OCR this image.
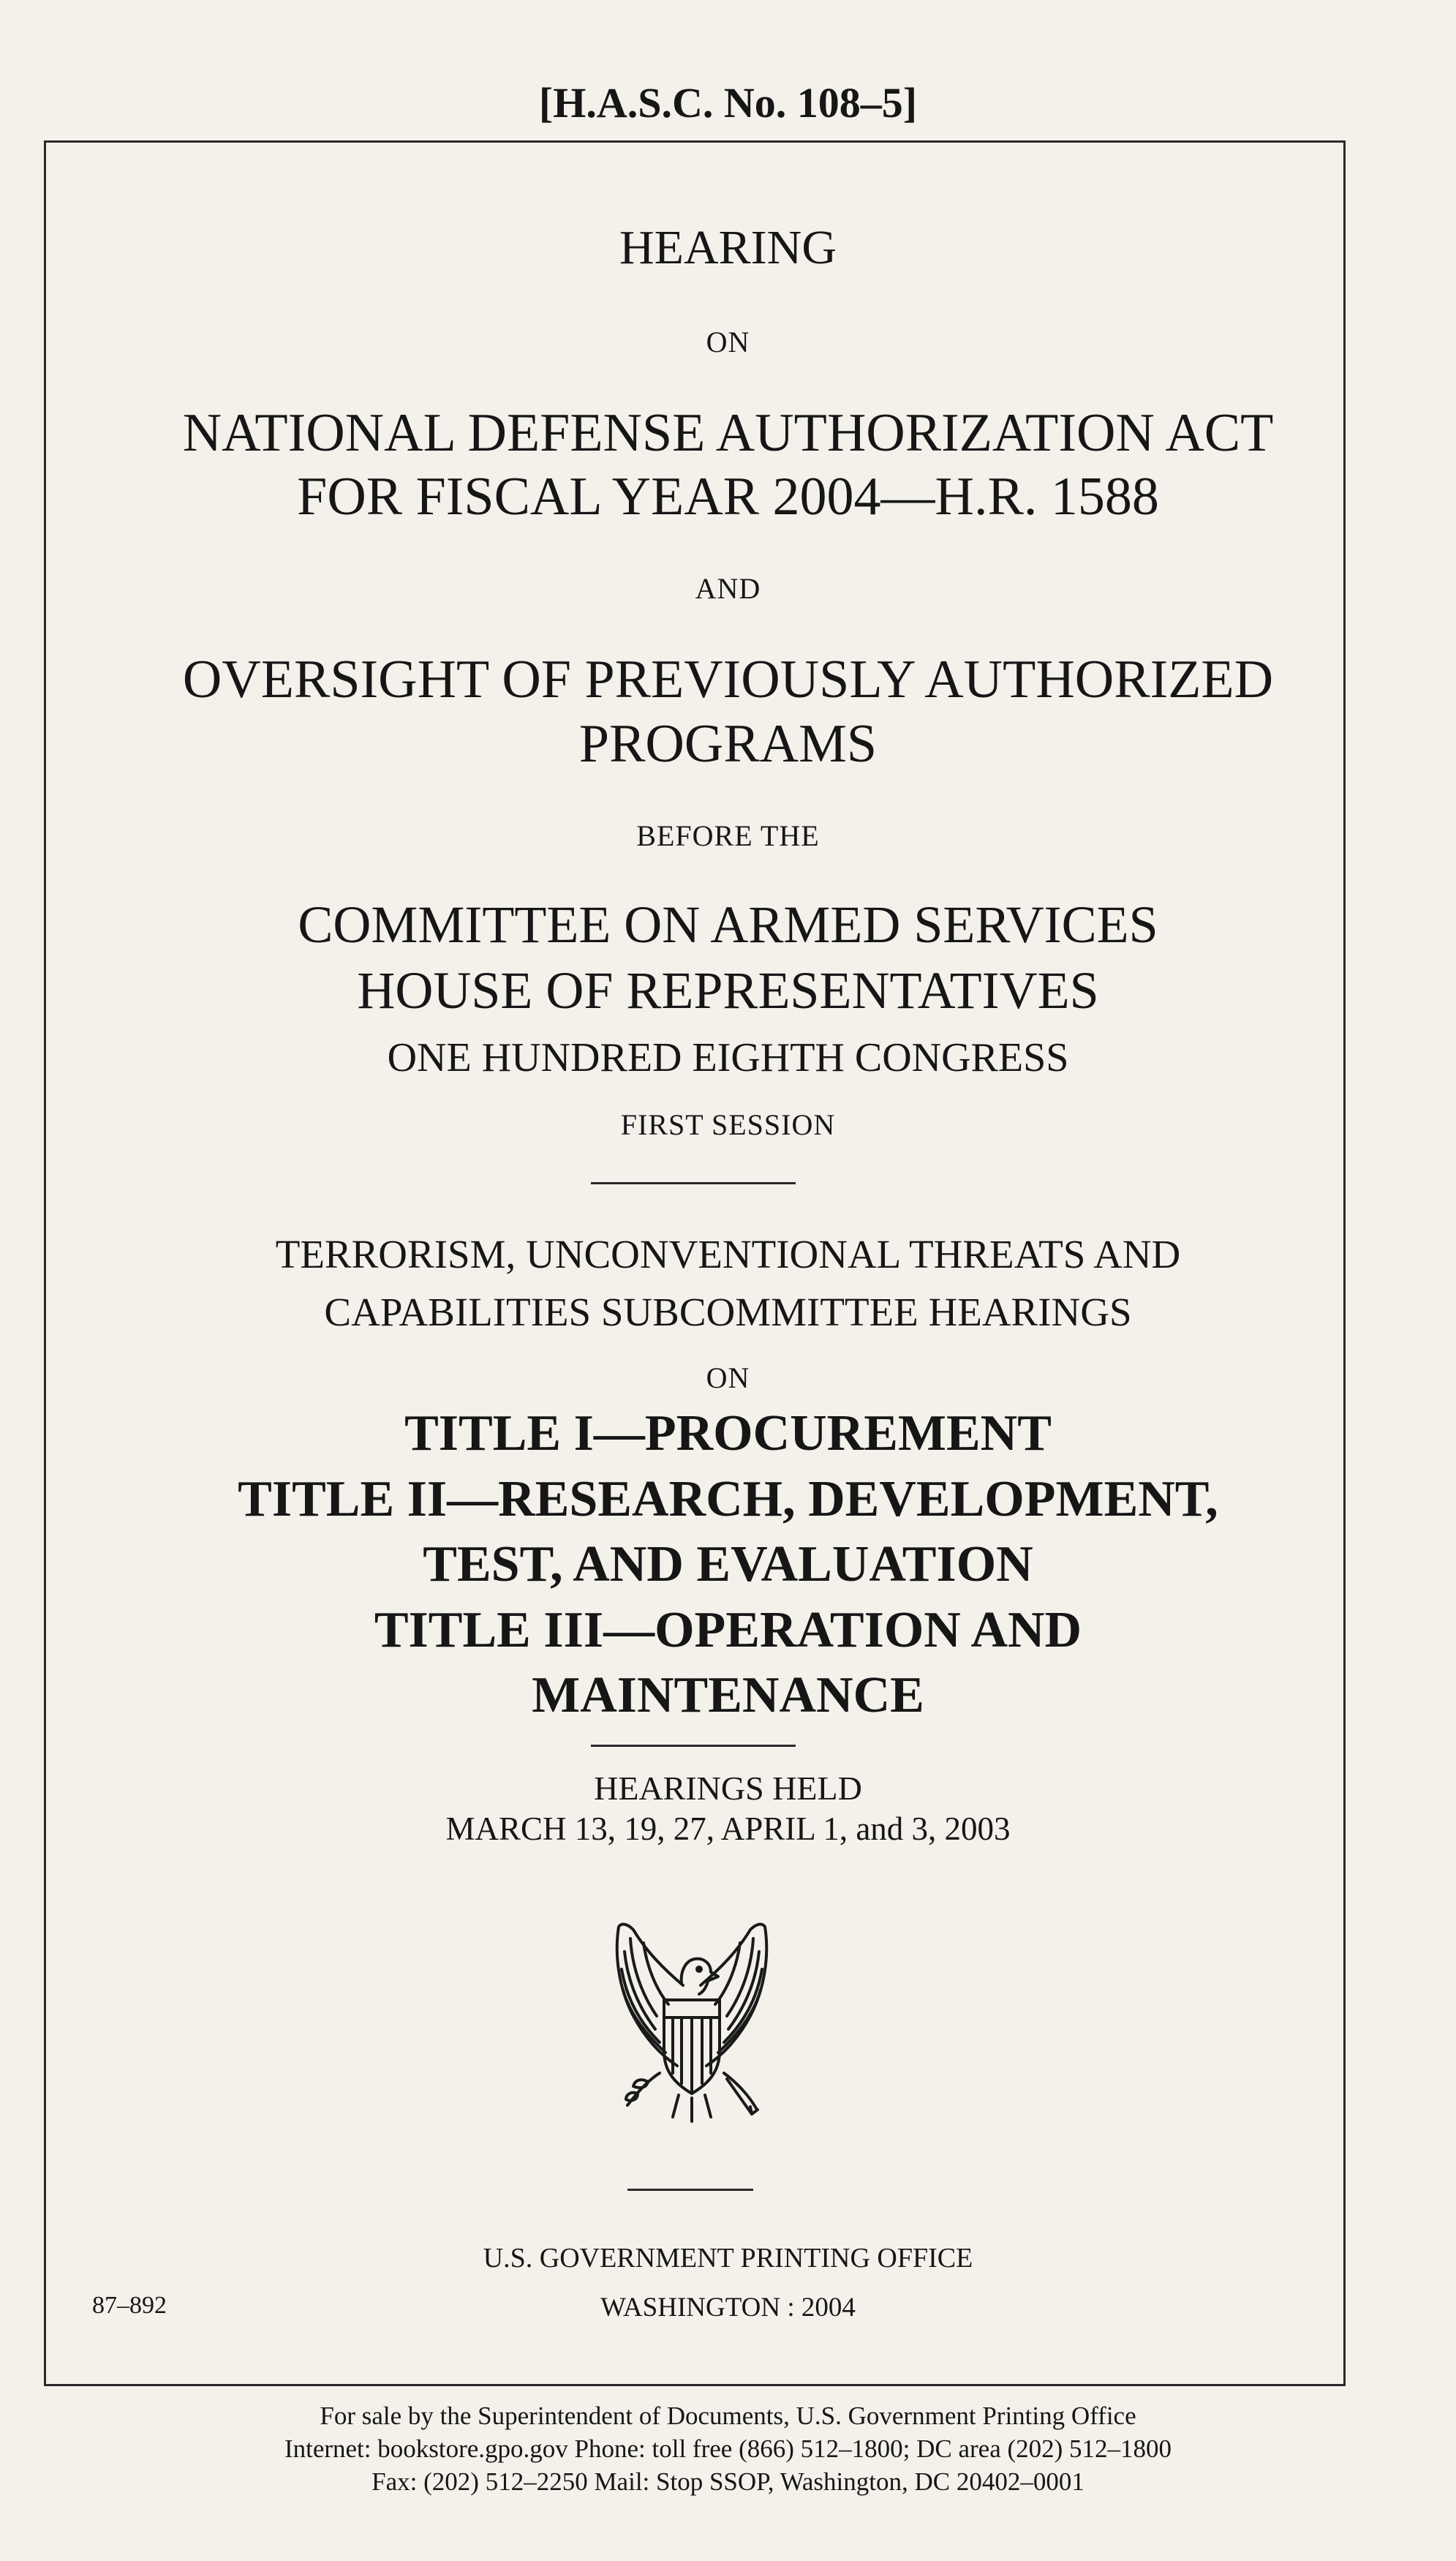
[H.A.S.C. No. 108–5]
HEARING
ON
NATIONAL DEFENSE AUTHORIZATION ACT
FOR FISCAL YEAR 2004—H.R. 1588
AND
OVERSIGHT OF PREVIOUSLY AUTHORIZED
PROGRAMS
BEFORE THE
COMMITTEE ON ARMED SERVICES
HOUSE OF REPRESENTATIVES
ONE HUNDRED EIGHTH CONGRESS
FIRST SESSION
TERRORISM, UNCONVENTIONAL THREATS AND
CAPABILITIES SUBCOMMITTEE HEARINGS
ON
TITLE I—PROCUREMENT
TITLE II—RESEARCH, DEVELOPMENT,
TEST, AND EVALUATION
TITLE III—OPERATION AND
MAINTENANCE
HEARINGS HELD
MARCH 13, 19, 27, APRIL 1, and 3, 2003
U.S. GOVERNMENT PRINTING OFFICE
87–892	WASHINGTON : 2004
For sale by the Superintendent of Documents, U.S. Government Printing Office
Internet: bookstore.gpo.gov Phone: toll free (866) 512–1800; DC area (202) 512–1800
Fax: (202) 512–2250 Mail: Stop SSOP, Washington, DC 20402–0001
